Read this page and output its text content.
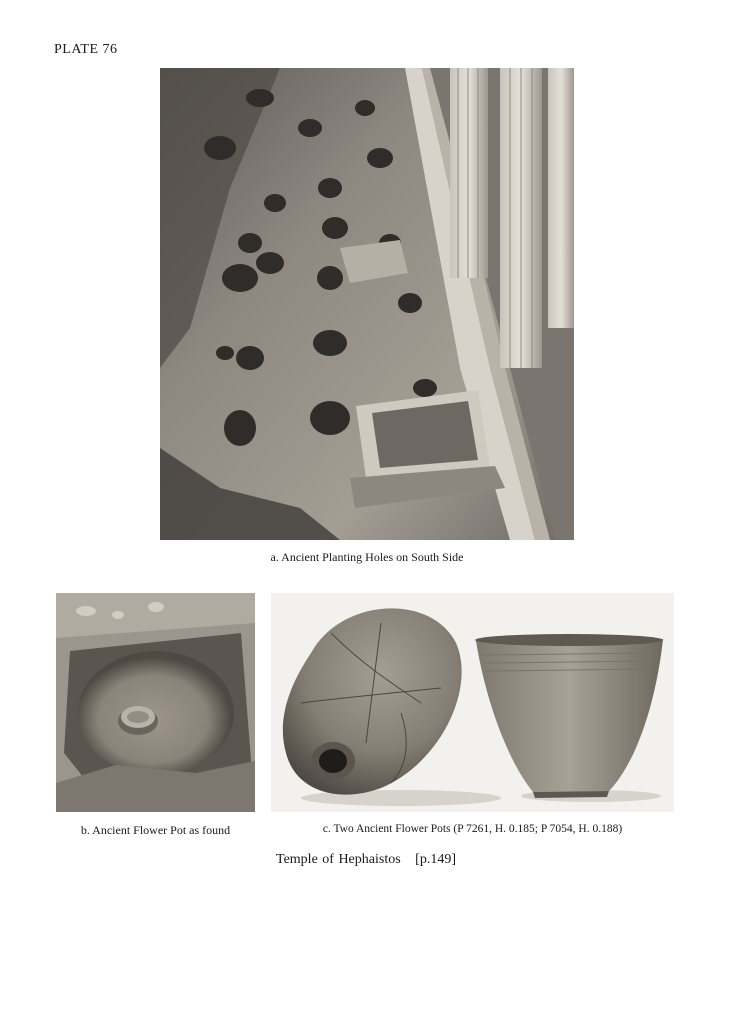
PLATE 76
a. Ancient Planting Holes on South Side
b. Ancient Flower Pot as found	c. Two Ancient Flower Pots (P 7261, H. 0.185; P 7054, H. 0.188)
Temple of Hephaistos [p.149]
